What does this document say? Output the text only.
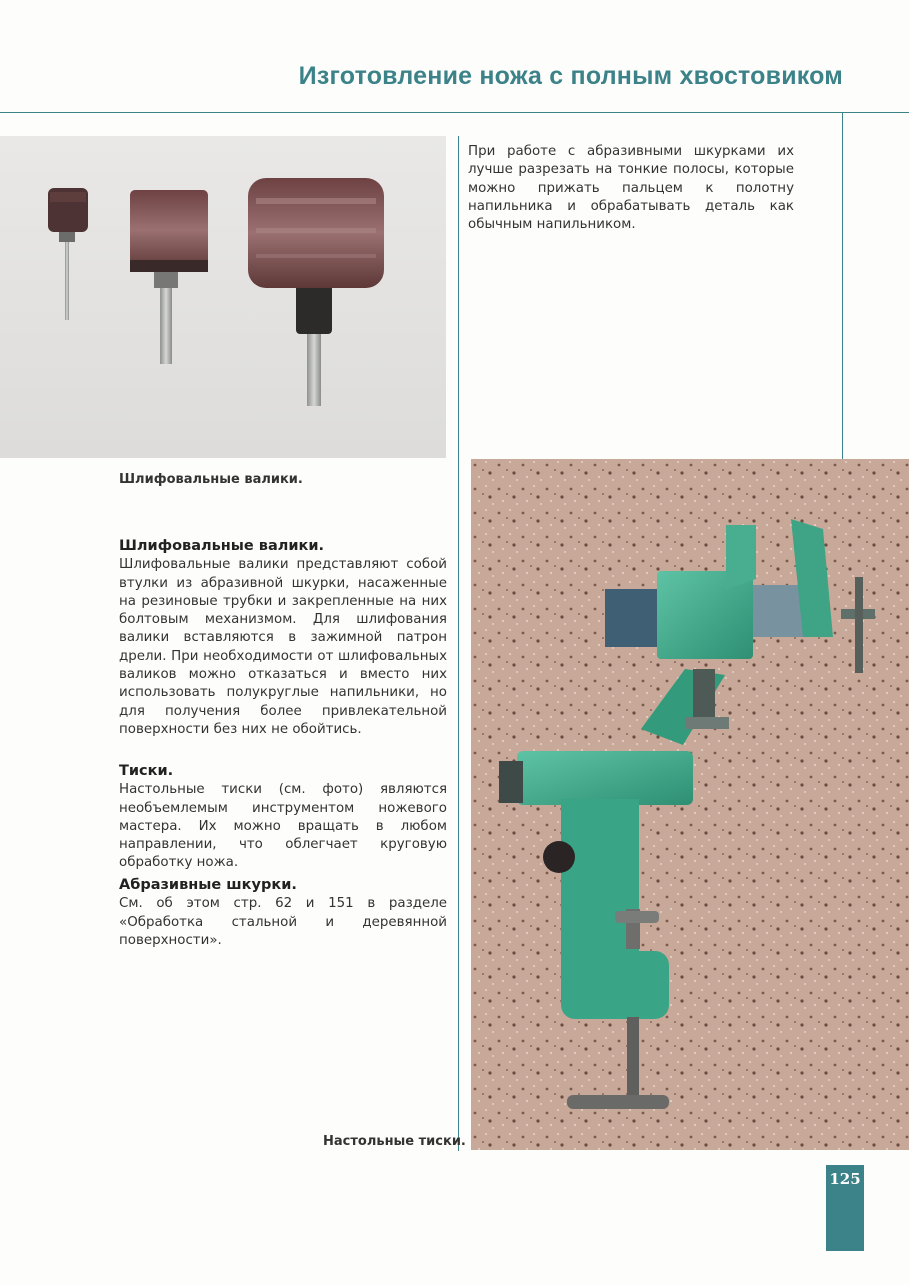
Изготовление ножа с полным хвостовиком
Шлифовальные валики.
При работе с абразивными шкурками их лучше разрезать на тонкие полосы, которые можно прижать пальцем к полотну напильника и обрабатывать деталь как обычным напильником.
Шлифовальные валики.
Шлифовальные валики представляют собой втулки из абразивной шкурки, насаженные на резиновые трубки и закрепленные на них болтовым механизмом. Для шлифования валики вставляются в зажимной патрон дрели. При необходимости от шлифовальных валиков можно отказаться и вместо них использовать полукруглые напильники, но для получения более привлекательной поверхности без них не обойтись.
Тиски.
Настольные тиски (см. фото) являются необъемлемым инструментом ножевого мастера. Их можно вращать в любом направлении, что облегчает круговую обработку ножа.
Абразивные шкурки.
См. об этом стр. 62 и 151 в разделе «Обработка стальной и деревянной поверхности».
Настольные тиски.
125
